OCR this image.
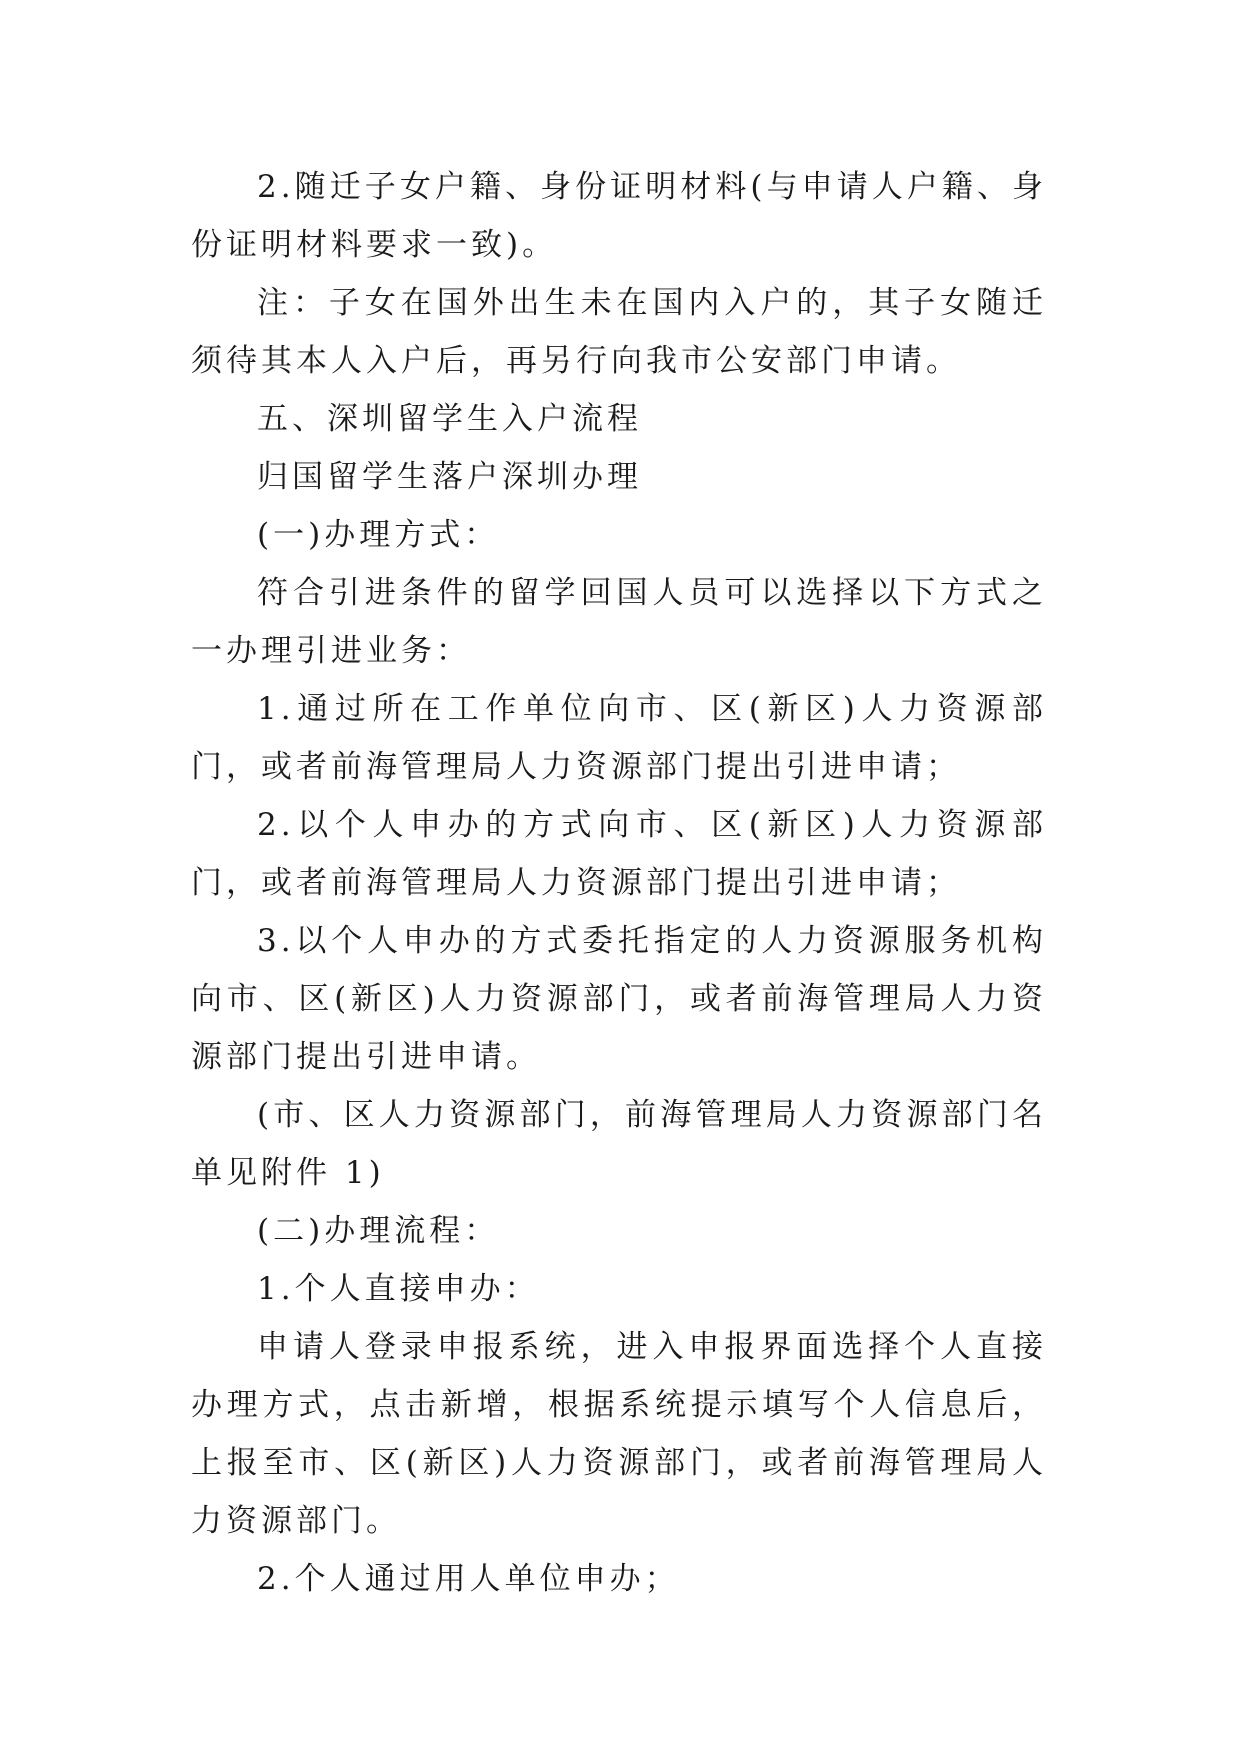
2.随迁子女户籍、身份证明材料(与申请人户籍、身份证明材料要求一致)。

注：子女在国外出生未在国内入户的，其子女随迁须待其本人入户后，再另行向我市公安部门申请。

五、深圳留学生入户流程

归国留学生落户深圳办理

(一)办理方式：

符合引进条件的留学回国人员可以选择以下方式之一办理引进业务：

1.通过所在工作单位向市、区(新区)人力资源部门，或者前海管理局人力资源部门提出引进申请；

2.以个人申办的方式向市、区(新区)人力资源部门，或者前海管理局人力资源部门提出引进申请；

3.以个人申办的方式委托指定的人力资源服务机构向市、区(新区)人力资源部门，或者前海管理局人力资源部门提出引进申请。

(市、区人力资源部门，前海管理局人力资源部门名单见附件 1)

(二)办理流程：

1.个人直接申办：

申请人登录申报系统，进入申报界面选择个人直接办理方式，点击新增，根据系统提示填写个人信息后，上报至市、区(新区)人力资源部门，或者前海管理局人力资源部门。

2.个人通过用人单位申办；
